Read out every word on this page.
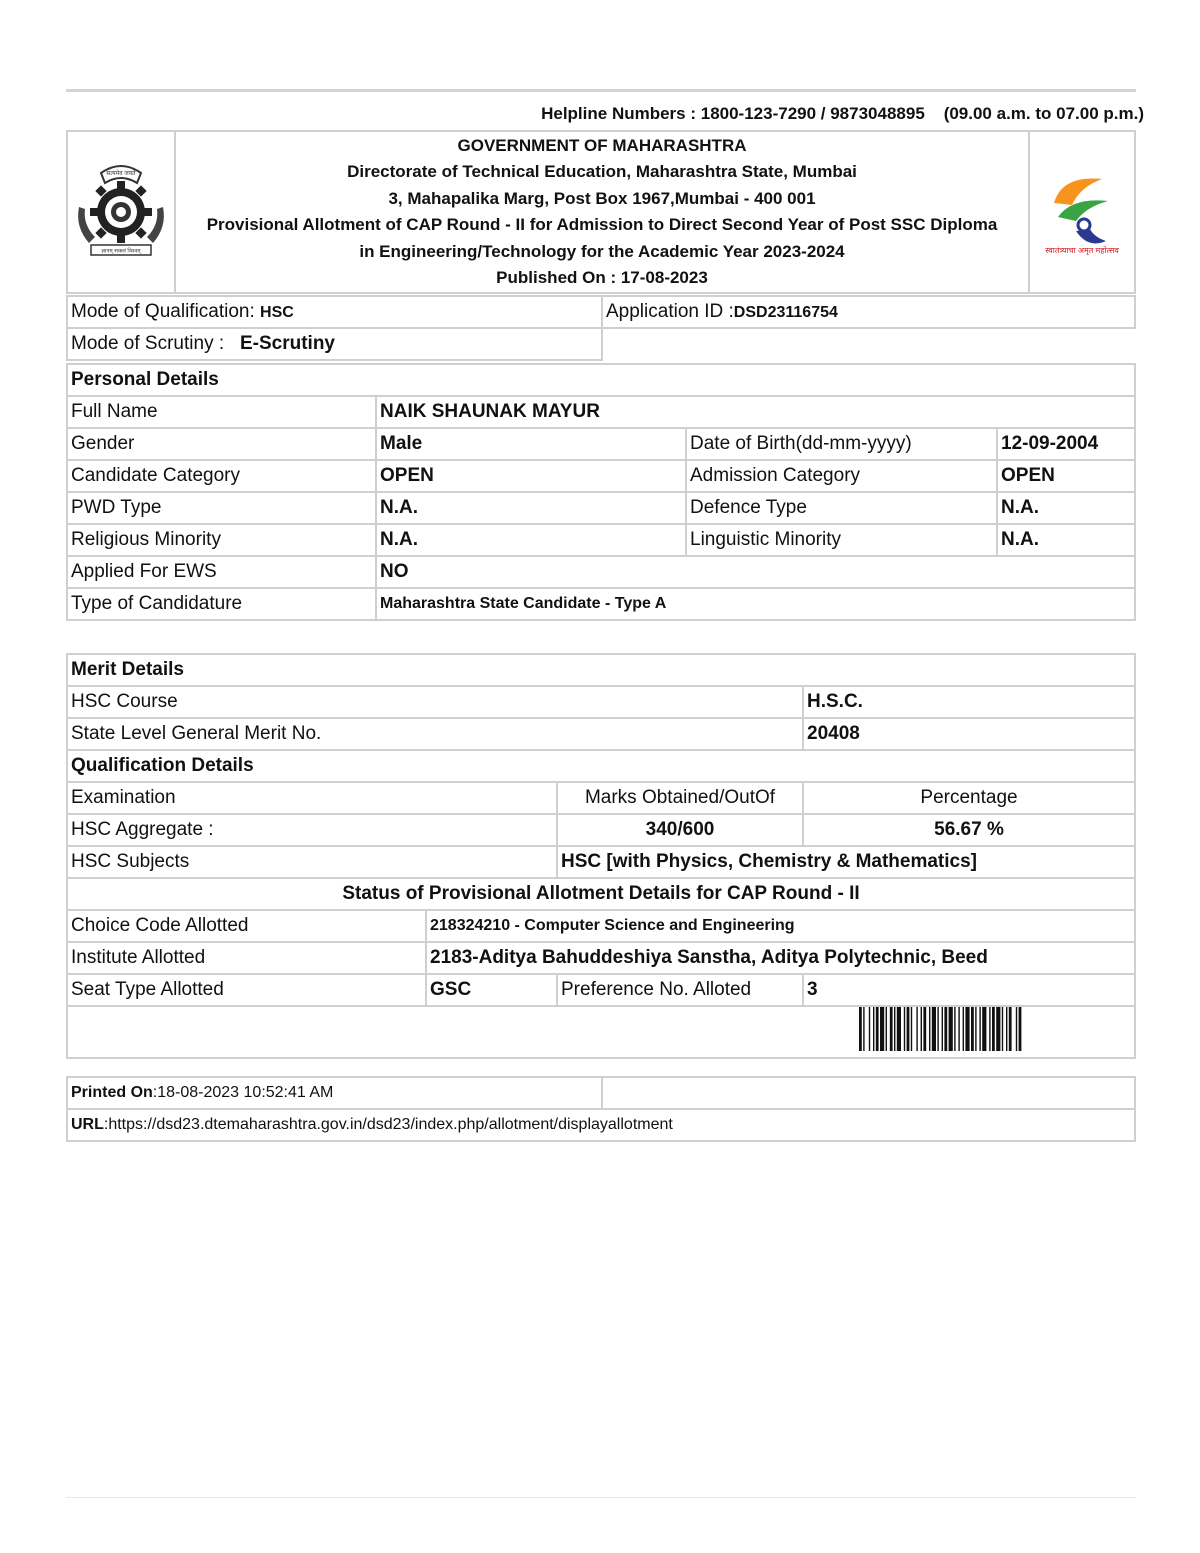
Helpline Numbers : 1800-123-7290 / 9873048895 (09.00 a.m. to 07.00 p.m.)
सत्यमेव जयते
ज्ञानम् सकलं विश्वम्

GOVERNMENT OF MAHARASHTRA
Directorate of Technical Education, Maharashtra State, Mumbai
3, Mahapalika Marg, Post Box 1967,Mumbai - 400 001
Provisional Allotment of CAP Round - II for Admission to Direct Second Year of Post SSC Diploma
in Engineering/Technology for the Academic Year 2023-2024
Published On : 17-08-2023

स्वातंत्र्याचा अमृत महोत्सव
Mode of Qualification: HSC	Application ID :DSD23116754
Mode of Scrutiny : E-Scrutiny	
Personal Details			
Full Name	NAIK SHAUNAK MAYUR		
Gender	Male	Date of Birth(dd-mm-yyyy)	12-09-2004
Candidate Category	OPEN	Admission Category	OPEN
PWD Type	N.A.	Defence Type	N.A.
Religious Minority	N.A.	Linguistic Minority	N.A.
Applied For EWS	NO		
Type of Candidature	Maharashtra State Candidate - Type A		
Merit Details			
HSC Course			H.S.C.
State Level General Merit No.			20408
Qualification Details			
Examination		Marks Obtained/OutOf	Percentage
HSC Aggregate :		340/600	56.67 %
HSC Subjects		HSC [with Physics, Chemistry & Mathematics]	
Status of Provisional Allotment Details for CAP Round - II			
Choice Code Allotted	218324210 - Computer Science and Engineering		
Institute Allotted	2183-Aditya Bahuddeshiya Sanstha, Aditya Polytechnic, Beed		
Seat Type Allotted	GSC	Preference No. Alloted	3

Printed On:18-08-2023 10:52:41 AM	
URL:https://dsd23.dtemaharashtra.gov.in/dsd23/index.php/allotment/displayallotment
